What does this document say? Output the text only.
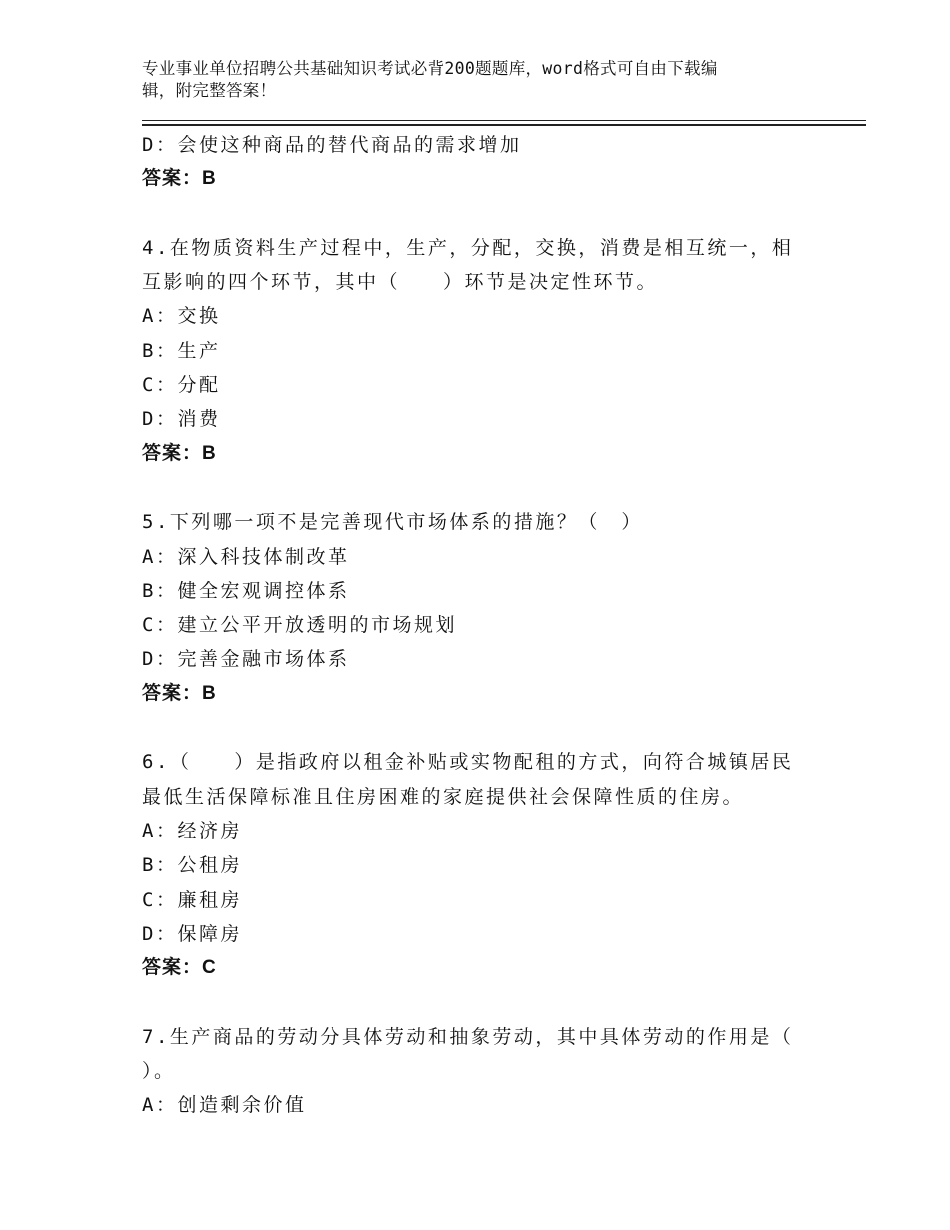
专业事业单位招聘公共基础知识考试必背200题题库，word格式可自由下载编
辑，附完整答案！
D：会使这种商品的替代商品的需求增加
答案：B
4.在物质资料生产过程中，生产，分配，交换，消费是相互统一，相
互影响的四个环节，其中（　　）环节是决定性环节。
A：交换
B：生产
C：分配
D：消费
答案：B
5.下列哪一项不是完善现代市场体系的措施？（　）
A：深入科技体制改革
B：健全宏观调控体系
C：建立公平开放透明的市场规划
D：完善金融市场体系
答案：B
6.（　　）是指政府以租金补贴或实物配租的方式，向符合城镇居民
最低生活保障标准且住房困难的家庭提供社会保障性质的住房。
A：经济房
B：公租房
C：廉租房
D：保障房
答案：C
7.生产商品的劳动分具体劳动和抽象劳动，其中具体劳动的作用是（
）。
A：创造剩余价值
